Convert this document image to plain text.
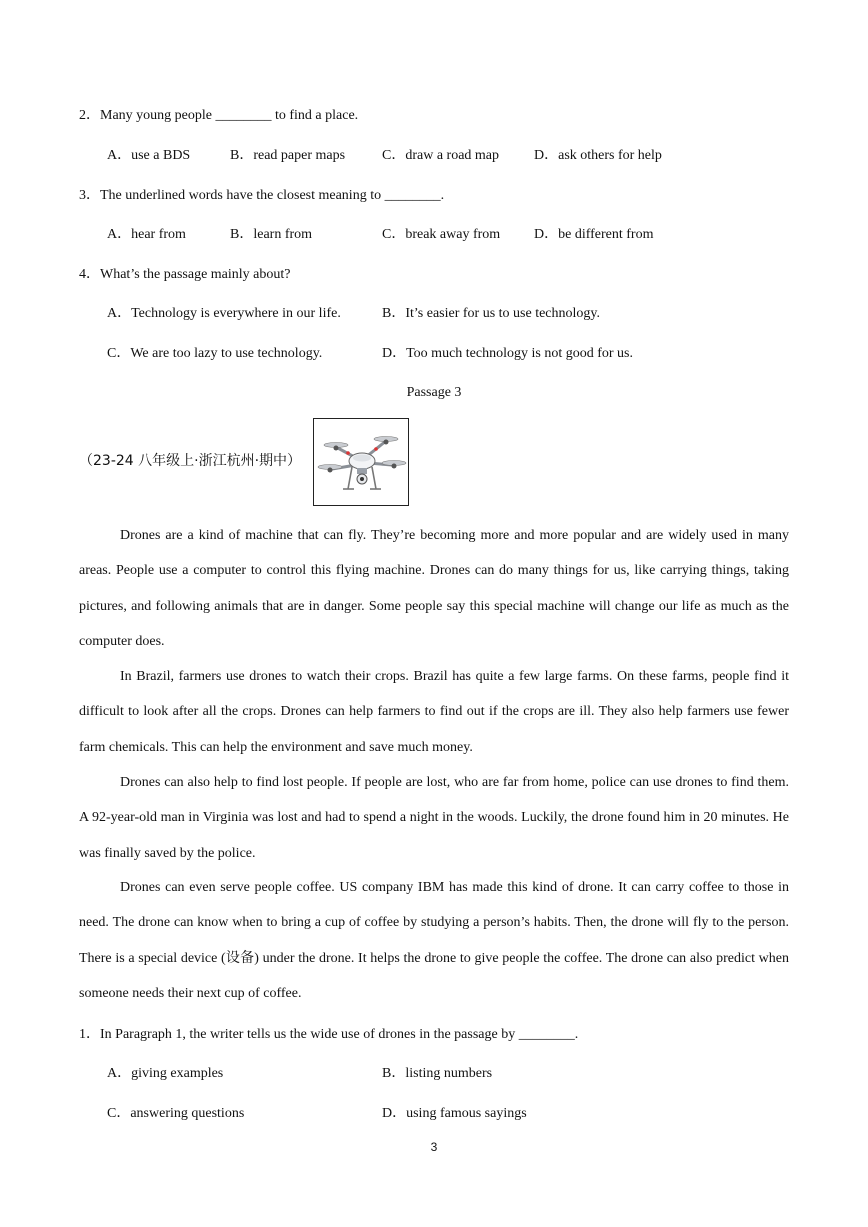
2．Many young people ________ to find a place.
A．use a BDS	B．read paper maps	C．draw a road map D．ask others for help
3．The underlined words have the closest meaning to ________.
A．hear from	B．learn from	C．break away from D．be different from
4．What’s the passage mainly about?
A．Technology is everywhere in our life.	B．It’s easier for us to use technology.
C．We are too lazy to use technology.	D．Too much technology is not good for us.
Passage 3
（23-24 八年级上·浙江杭州·期中）
Drones are a kind of machine that can fly. They’re becoming more and more popular and are widely used in many areas. People use a computer to control this flying machine. Drones can do many things for us, like carrying things, taking pictures, and following animals that are in danger. Some people say this special machine will change our life as much as the computer does.
In Brazil, farmers use drones to watch their crops. Brazil has quite a few large farms. On these farms, people find it difficult to look after all the crops. Drones can help farmers to find out if the crops are ill. They also help farmers use fewer farm chemicals. This can help the environment and save much money.
Drones can also help to find lost people. If people are lost, who are far from home, police can use drones to find them. A 92-year-old man in Virginia was lost and had to spend a night in the woods. Luckily, the drone found him in 20 minutes. He was finally saved by the police.
Drones can even serve people coffee. US company IBM has made this kind of drone. It can carry coffee to those in need. The drone can know when to bring a cup of coffee by studying a person’s habits. Then, the drone will fly to the person. There is a special device (设备) under the drone. It helps the drone to give people the coffee. The drone can also predict when someone needs their next cup of coffee.
1．In Paragraph 1, the writer tells us the wide use of drones in the passage by ________.
A．giving examples	B．listing numbers
C．answering questions	D．using famous sayings
3
